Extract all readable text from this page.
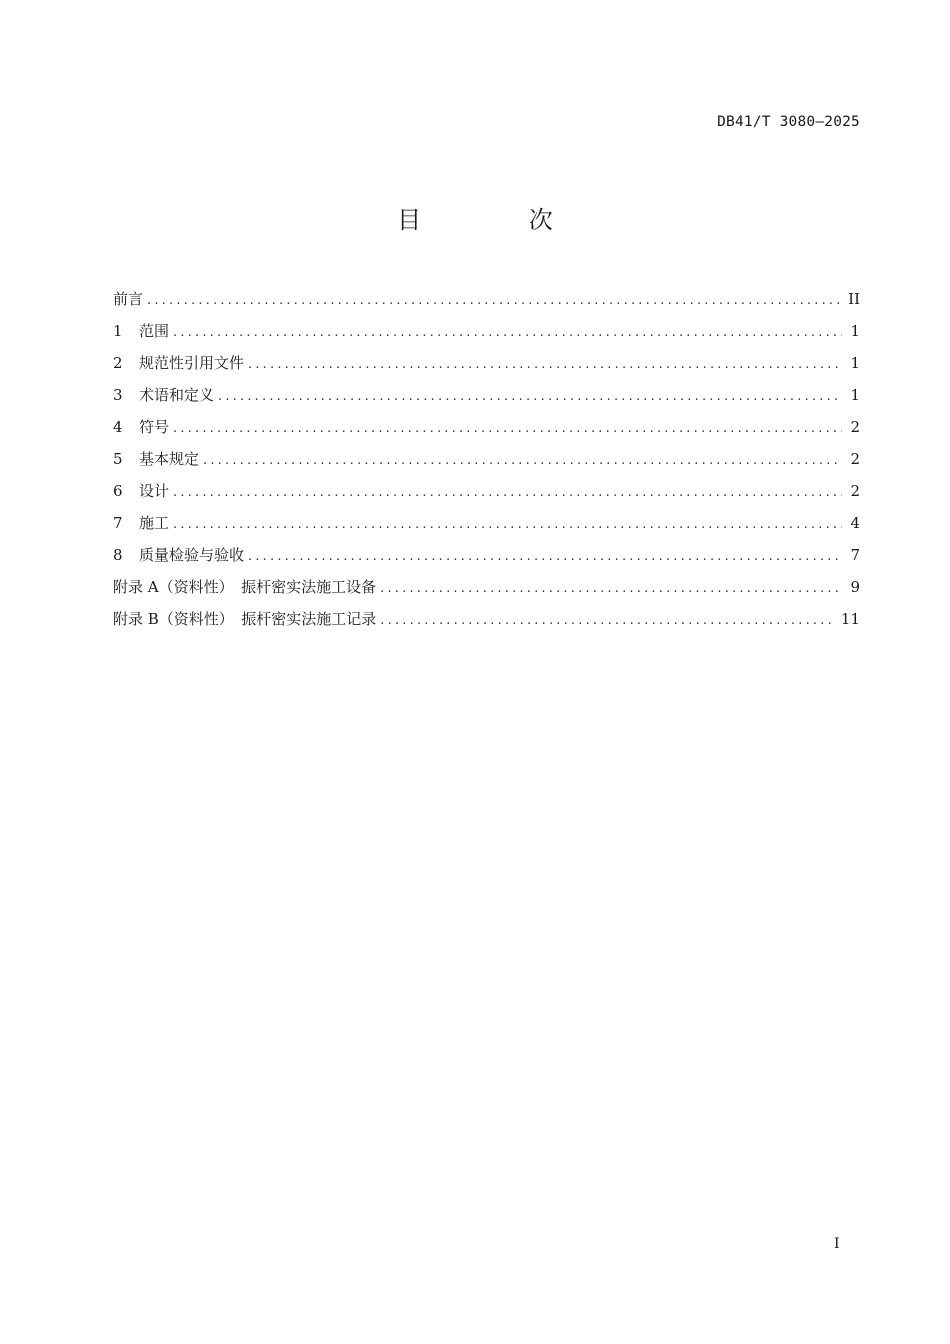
DB41/T 3080—2025
目 次
前言 .....	II
1	范围 .....	1
2	规范性引用文件 .....	1
3	术语和定义 .....	1
4	符号 .....	2
5	基本规定 .....	2
6	设计 .....	2
7	施工 .....	4
8	质量检验与验收 .....	7
附录 A（资料性）　振杆密实法施工设备 .....	9
附录 B（资料性）　振杆密实法施工记录 .....	11
I
